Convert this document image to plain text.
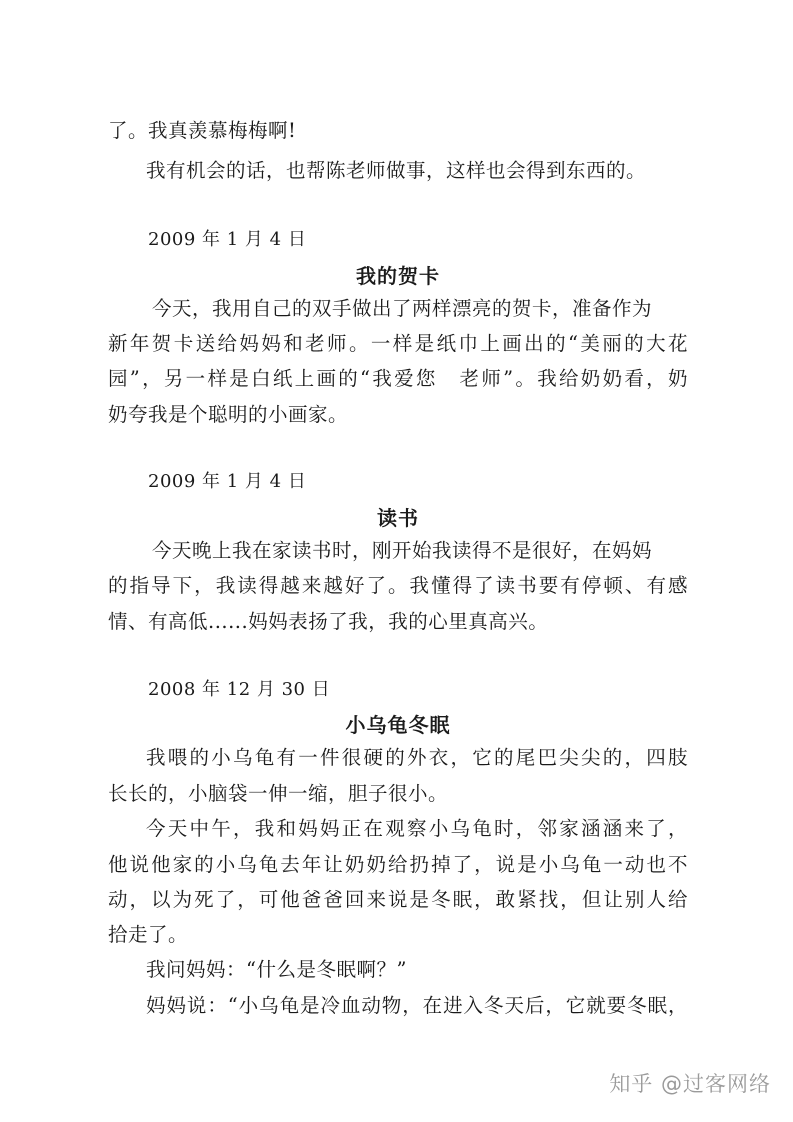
了。我真羡慕梅梅啊!
我有机会的话，也帮陈老师做事，这样也会得到东西的。
2009 年 1 月 4 日
我的贺卡
今天，我用自己的双手做出了两样漂亮的贺卡，准备作为
新年贺卡送给妈妈和老师。一样是纸巾上画出的“美丽的大花
园”，另一样是白纸上画的“我爱您　老师”。我给奶奶看，奶
奶夸我是个聪明的小画家。
2009 年 1 月 4 日
读书
今天晚上我在家读书时，刚开始我读得不是很好，在妈妈
的指导下，我读得越来越好了。我懂得了读书要有停顿、有感
情、有高低......妈妈表扬了我，我的心里真高兴。
2008 年 12 月 30 日
小乌龟冬眠
我喂的小乌龟有一件很硬的外衣，它的尾巴尖尖的，四肢
长长的，小脑袋一伸一缩，胆子很小。
今天中午，我和妈妈正在观察小乌龟时，邻家涵涵来了，
他说他家的小乌龟去年让奶奶给扔掉了，说是小乌龟一动也不
动，以为死了，可他爸爸回来说是冬眠，敢紧找，但让别人给
拾走了。
我问妈妈：“什么是冬眠啊？”
妈妈说：“小乌龟是冷血动物，在进入冬天后，它就要冬眠，
知乎 @过客网络
